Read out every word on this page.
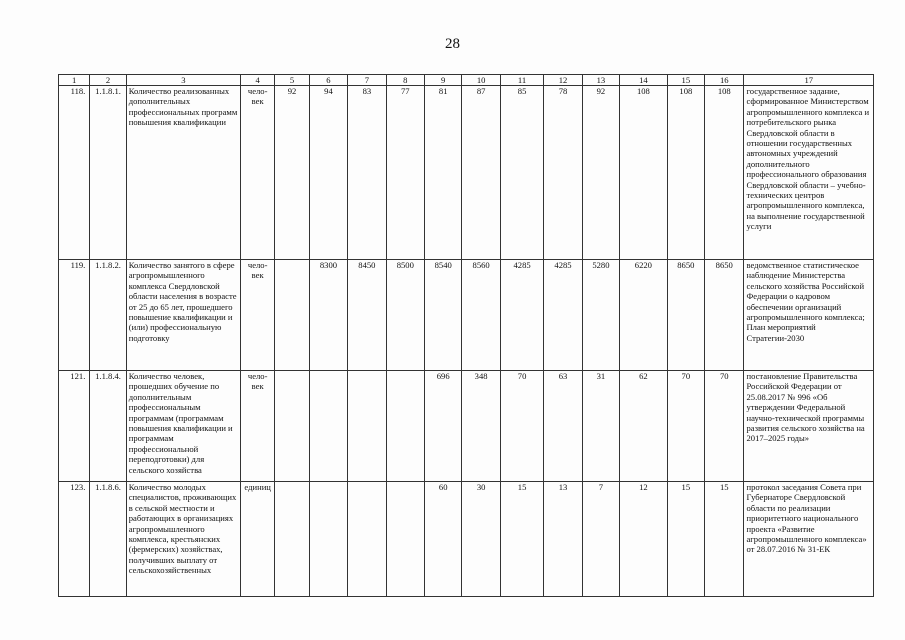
28
1	2	3	4	5	6	7	8	9	10	11	12	13	14	15	16	17
118.	1.1.8.1.	Количество реализованных дополнительных профессиональных программ повышения квалификации	чело-век	92	94	83	77	81	87	85	78	92	108	108	108	государственное задание, сформированное Министерством агропромышленного комплекса и потребительского рынка Свердловской области в отношении государственных автономных учреждений дополнительного профессионального образования Свердловской области – учебно-технических центров агропромышленного комплекса, на выполнение государственной услуги
119.	1.1.8.2.	Количество занятого в сфере агропромышленного комплекса Свердловской области населения в возрасте от 25 до 65 лет, прошедшего повышение квалификации и (или) профессиональную подготовку	чело-век		8300	8450	8500	8540	8560	4285	4285	5280	6220	8650	8650	ведомственное статистическое наблюдение Министерства сельского хозяйства Российской Федерации о кадровом обеспечении организаций агропромышленного комплекса; План мероприятий Стратегии-2030
121.	1.1.8.4.	Количество человек, прошедших обучение по дополнительным профессиональным программам (программам повышения квалификации и программам профессиональной переподготовки) для сельского хозяйства	чело-век					696	348	70	63	31	62	70	70	постановление Правительства Российской Федерации от 25.08.2017 № 996 «Об утверждении Федеральной научно-технической программы развития сельского хозяйства на 2017–2025 годы»
123.	1.1.8.6.	Количество молодых специалистов, проживающих в сельской местности и работающих в организациях агропромышленного комплекса, крестьянских (фермерских) хозяйствах, получивших выплату от сельскохозяйственных	единиц					60	30	15	13	7	12	15	15	протокол заседания Совета при Губернаторе Свердловской области по реализации приоритетного национального проекта «Развитие агропромышленного комплекса» от 28.07.2016 № 31-ЕК
